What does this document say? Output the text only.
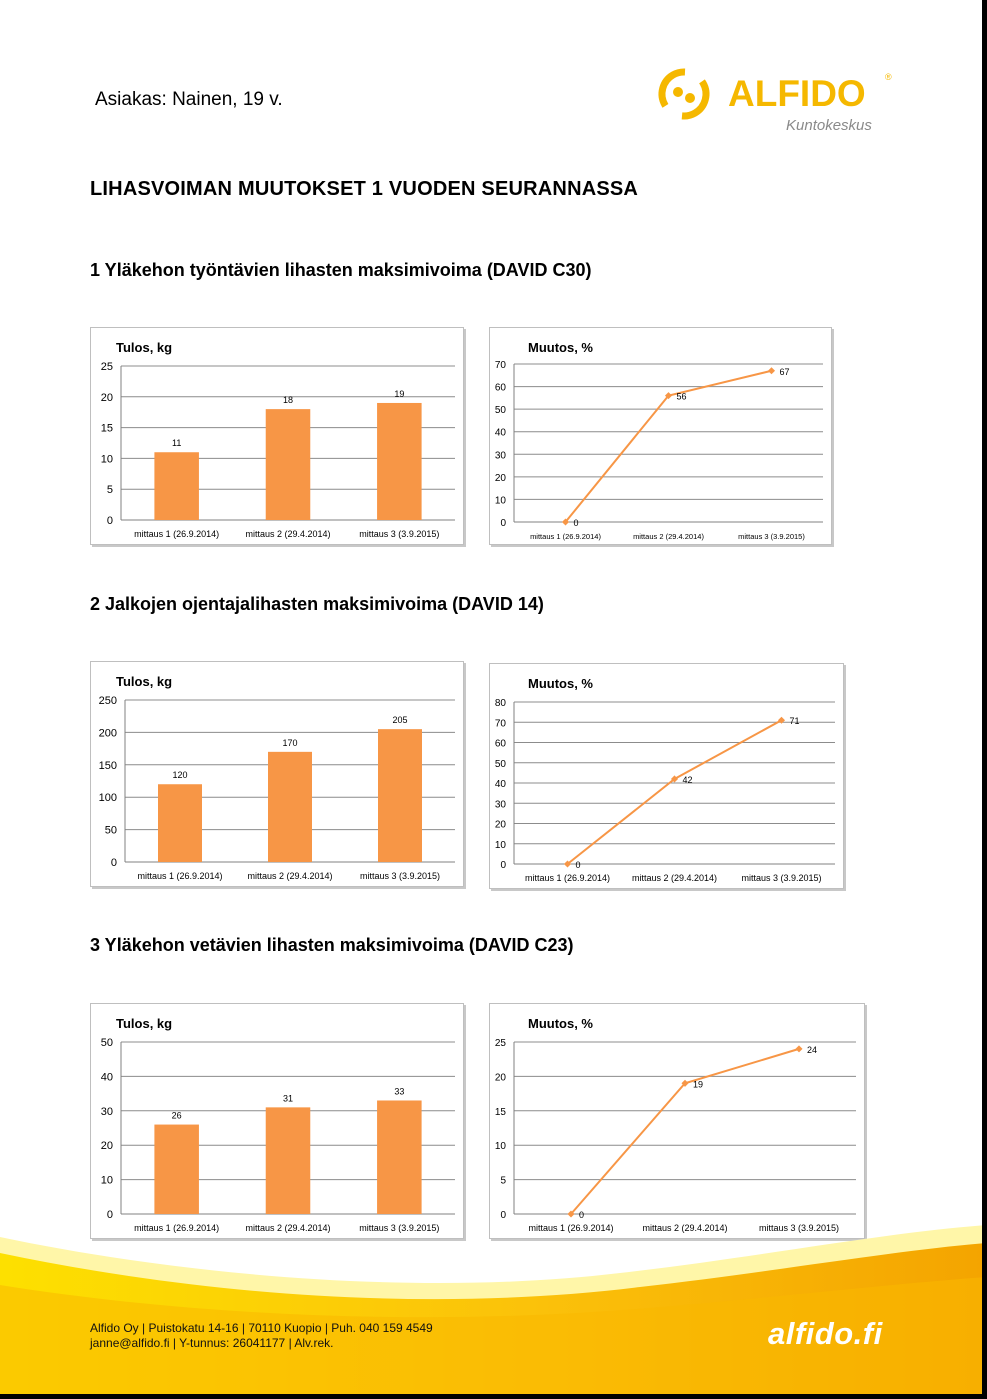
Asiakas: Nainen, 19 v.	ALFIDO ®
Kuntokeskus
LIHASVOIMAN MUUTOKSET 1 VUODEN SEURANNASSA
1 Yläkehon työntävien lihasten maksimivoima (DAVID C30)
2 Jalkojen ojentajalihasten maksimivoima (DAVID 14)
3 Yläkehon vetävien lihasten maksimivoima (DAVID C23)
Tulos, kg
0
5
10
15
20
25
mittaus 1 (26.9.2014)	mittaus 2 (29.4.2014)	mittaus 3 (3.9.2015)
11
18
19
Muutos, %
0
10
20
30
40
50
60
70
mittaus 1 (26.9.2014)	mittaus 2 (29.4.2014)	mittaus 3 (3.9.2015)
0
56
67
Tulos, kg
0
50
100
150
200
250
mittaus 1 (26.9.2014)	mittaus 2 (29.4.2014)	mittaus 3 (3.9.2015)
120
170
205
Muutos, %
0
10
20
30
40
50
60
70
80
mittaus 1 (26.9.2014) mittaus 2 (29.4.2014)	mittaus 3 (3.9.2015)
0
42
71
Tulos, kg
0
10
20
30
40
50
mittaus 1 (26.9.2014)	mittaus 2 (29.4.2014)	mittaus 3 (3.9.2015)
26
31
33
Muutos, %
0
5
10
15
20
25
mittaus 1 (26.9.2014)	mittaus 2 (29.4.2014)	mittaus 3 (3.9.2015)
0
19
24
Alfido Oy | Puistokatu 14-16 | 70110 Kuopio | Puh. 040 159 4549
janne@alfido.fi | Y-tunnus: 26041177 | Alv.rek.	alfido.fi
